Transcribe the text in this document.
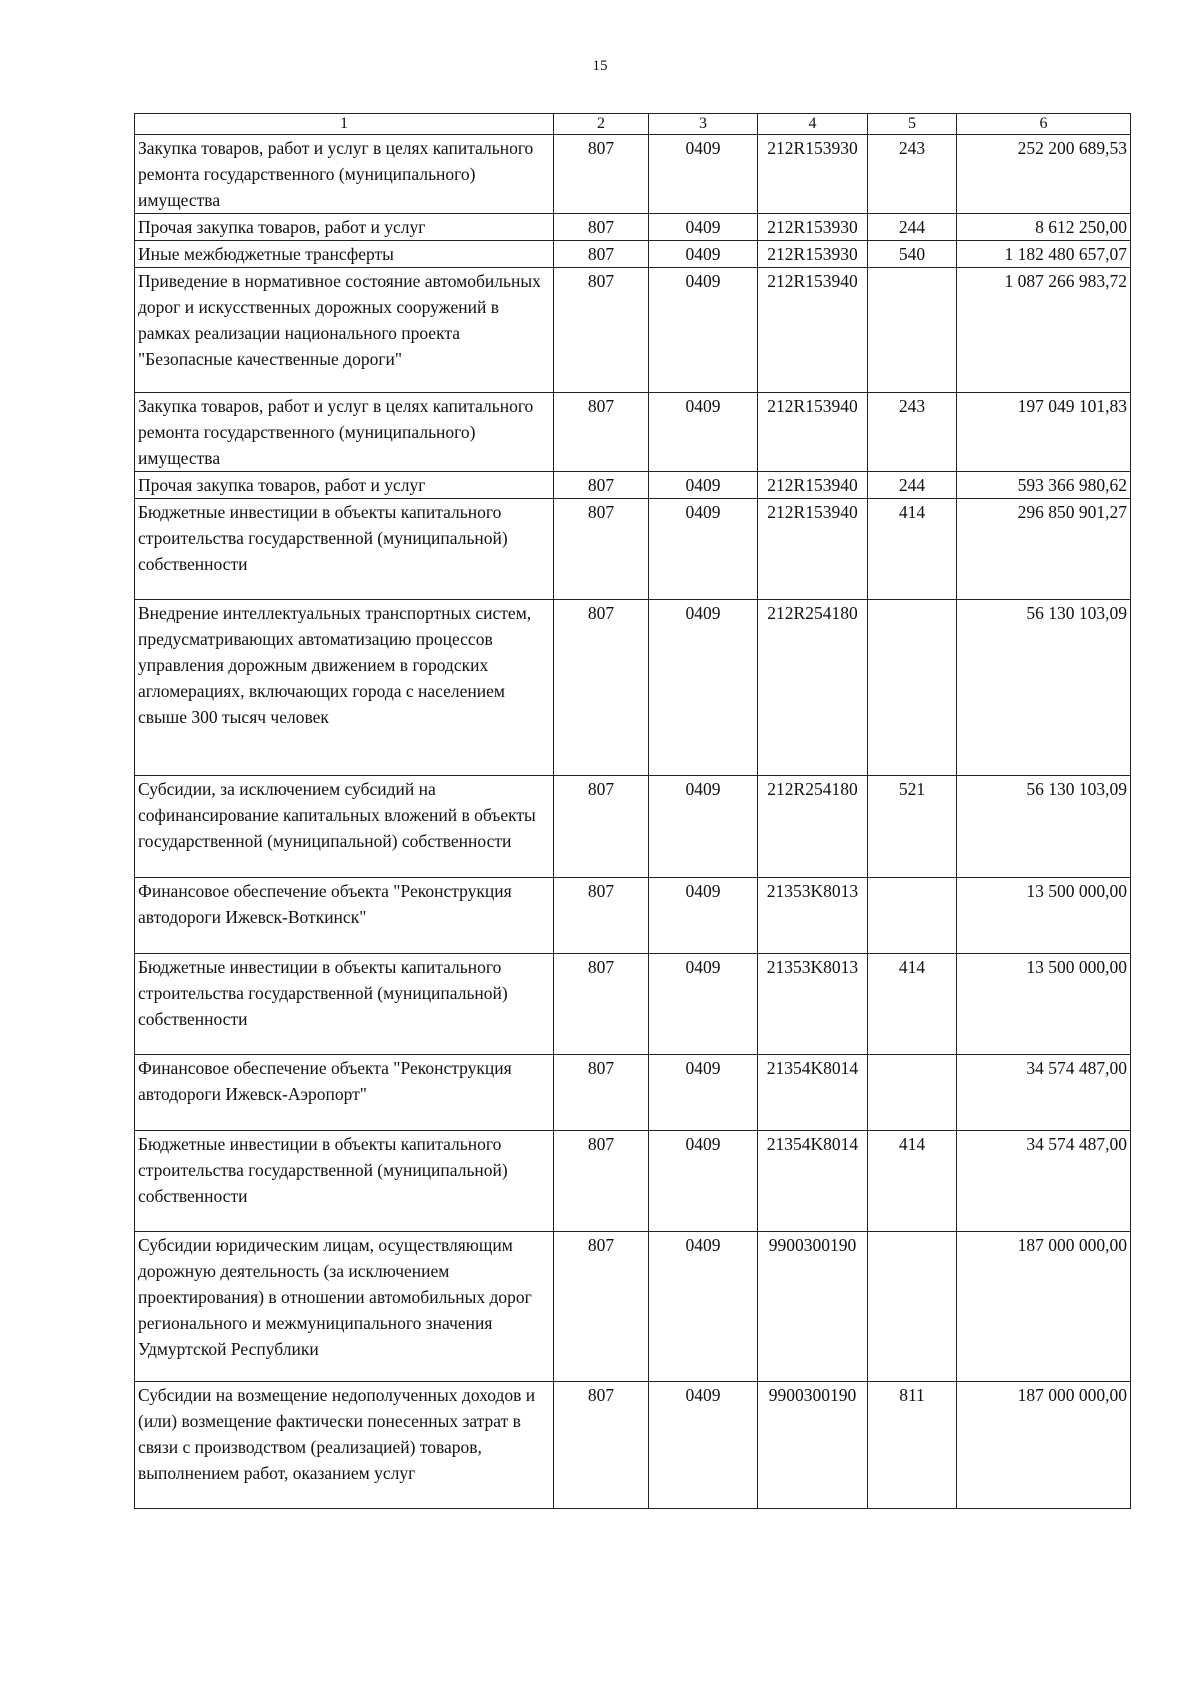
15
1	2	3	4	5	6
Закупка товаров, работ и услуг в целях капитального ремонта государственного (муниципального) имущества	807	0409	212R153930	243	252 200 689,53
Прочая закупка товаров, работ и услуг	807	0409	212R153930	244	8 612 250,00
Иные межбюджетные трансферты	807	0409	212R153930	540	1 182 480 657,07
Приведение в нормативное состояние автомобильных дорог и искусственных дорожных сооружений в рамках реализации национального проекта "Безопасные качественные дороги"	807	0409	212R153940		1 087 266 983,72
Закупка товаров, работ и услуг в целях капитального ремонта государственного (муниципального) имущества	807	0409	212R153940	243	197 049 101,83
Прочая закупка товаров, работ и услуг	807	0409	212R153940	244	593 366 980,62
Бюджетные инвестиции в объекты капитального строительства государственной (муниципальной) собственности	807	0409	212R153940	414	296 850 901,27
Внедрение интеллектуальных транспортных систем, предусматривающих автоматизацию процессов управления дорожным движением в городских агломерациях, включающих города с населением свыше 300 тысяч человек	807	0409	212R254180		56 130 103,09
Субсидии, за исключением субсидий на софинансирование капитальных вложений в объекты государственной (муниципальной) собственности	807	0409	212R254180	521	56 130 103,09
Финансовое обеспечение объекта "Реконструкция автодороги Ижевск-Воткинск"	807	0409	21353K8013		13 500 000,00
Бюджетные инвестиции в объекты капитального строительства государственной (муниципальной) собственности	807	0409	21353K8013	414	13 500 000,00
Финансовое обеспечение объекта "Реконструкция автодороги Ижевск-Аэропорт"	807	0409	21354K8014		34 574 487,00
Бюджетные инвестиции в объекты капитального строительства государственной (муниципальной) собственности	807	0409	21354K8014	414	34 574 487,00
Субсидии юридическим лицам, осуществляющим дорожную деятельность (за исключением проектирования) в отношении автомобильных дорог регионального и межмуниципального значения Удмуртской Республики	807	0409	9900300190		187 000 000,00
Субсидии на возмещение недополученных доходов и (или) возмещение фактически понесенных затрат в связи с производством (реализацией) товаров, выполнением работ, оказанием услуг	807	0409	9900300190	811	187 000 000,00
